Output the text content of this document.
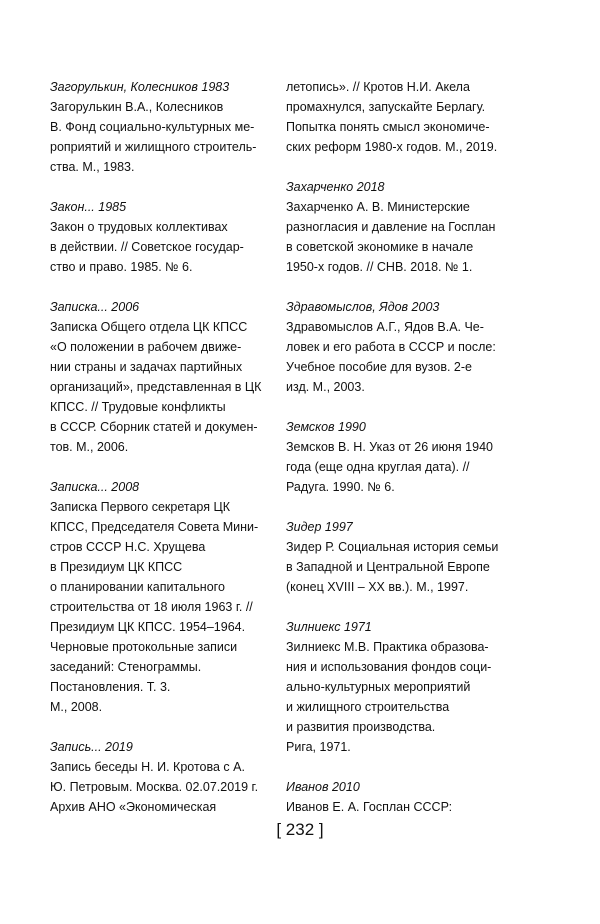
Загорулькин, Колесников 1983
Загорулькин В.А., Колесников
В. Фонд социально-культурных ме-
роприятий и жилищного строитель-
ства. М., 1983.
Закон... 1985
Закон о трудовых коллективах
в действии. // Советское государ-
ство и право. 1985. № 6.
Записка... 2006
Записка Общего отдела ЦК КПСС
«О положении в рабочем движе-
нии страны и задачах партийных
организаций», представленная в ЦК
КПСС. // Трудовые конфликты
в СССР. Сборник статей и докумен-
тов. М., 2006.
Записка... 2008
Записка Первого секретаря ЦК
КПСС, Председателя Совета Мини-
стров СССР Н.С. Хрущева
в Президиум ЦК КПСС
о планировании капитального
строительства от 18 июля 1963 г. //
Президиум ЦК КПСС. 1954–1964.
Черновые протокольные записи
заседаний: Стенограммы.
Постановления. Т. 3.
М., 2008.
Запись... 2019
Запись беседы Н. И. Кротова с А.
Ю. Петровым. Москва. 02.07.2019 г.
Архив АНО «Экономическая
летопись». // Кротов Н.И. Акела
промахнулся, запускайте Берлагу.
Попытка понять смысл экономиче-
ских реформ 1980-х годов. М., 2019.
Захарченко 2018
Захарченко А. В. Министерские
разногласия и давление на Госплан
в советской экономике в начале
1950-х годов. // СНВ. 2018. № 1.
Здравомыслов, Ядов 2003
Здравомыслов А.Г., Ядов В.А. Че-
ловек и его работа в СССР и после:
Учебное пособие для вузов. 2-е
изд. М., 2003.
Земсков 1990
Земсков В. Н. Указ от 26 июня 1940
года (еще одна круглая дата). //
Радуга. 1990. № 6.
Зидер 1997
Зидер Р. Социальная история семьи
в Западной и Центральной Европе
(конец XVIII – XX вв.). М., 1997.
Зилниекс 1971
Зилниекс М.В. Практика образова-
ния и использования фондов соци-
ально-культурных мероприятий
и жилищного строительства
и развития производства.
Рига, 1971.
Иванов 2010
Иванов Е. А. Госплан СССР:
[ 232 ]
